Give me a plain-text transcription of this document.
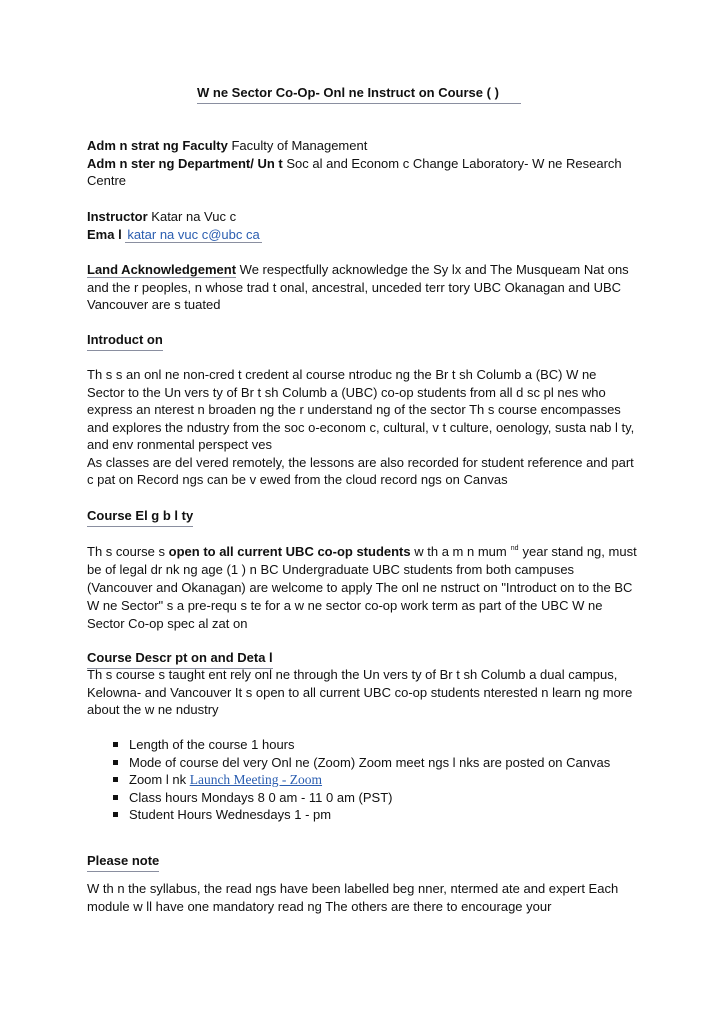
W ne Sector Co-Op- Onl ne Instruct on Course ( )
Adm n strat ng Faculty Faculty of Management
Adm n ster ng Department/ Un t Soc al and Econom c Change Laboratory- W ne Research Centre
Instructor Katar na Vuc c
Ema l katar na vuc c@ubc ca
Land Acknowledgement We respectfully acknowledge the Sy lx and The Musqueam Nat ons and the r peoples, n whose trad t onal, ancestral, unceded terr tory UBC Okanagan and UBC Vancouver are s tuated
Introduct on
Th s s an onl ne non-cred t credent al course ntroduc ng the Br t sh Columb a (BC) W ne Sector to the Un vers ty of Br t sh Columb a (UBC) co-op students from all d sc pl nes who express an nterest n broaden ng the r understand ng of the sector Th s course encompasses and explores the ndustry from the soc o-econom c, cultural, v t culture, oenology, susta nab l ty, and env ronmental perspect ves
As classes are del vered remotely, the lessons are also recorded for student reference and part c pat on Record ngs can be v ewed from the cloud record ngs on Canvas
Course El g b l ty
Th s course s open to all current UBC co-op students w th a m n mum $^{nd}$ year stand ng, must be of legal dr nk ng age (1 ) n BC Undergraduate UBC students from both campuses (Vancouver and Okanagan) are welcome to apply The onl ne nstruct on "Introduct on to the BC W ne Sector" s a pre-requ s te for a w ne sector co-op work term as part of the UBC W ne Sector Co-op spec al zat on
Course Descr pt on and Deta l
Th s course s taught ent rely onl ne through the Un vers ty of Br t sh Columb a dual campus, Kelowna- and Vancouver It s open to all current UBC co-op students nterested n learn ng more about the w ne ndustry
Length of the course 1 hours
Mode of course del very Onl ne (Zoom) Zoom meet ngs l nks are posted on Canvas
Zoom l nk Launch Meeting - Zoom
Class hours Mondays 8 0 am - 11 0 am (PST)
Student Hours Wednesdays 1 - pm
Please note
W th n the syllabus, the read ngs have been labelled beg nner, ntermed ate and expert Each module w ll have one mandatory read ng The others are there to encourage your
